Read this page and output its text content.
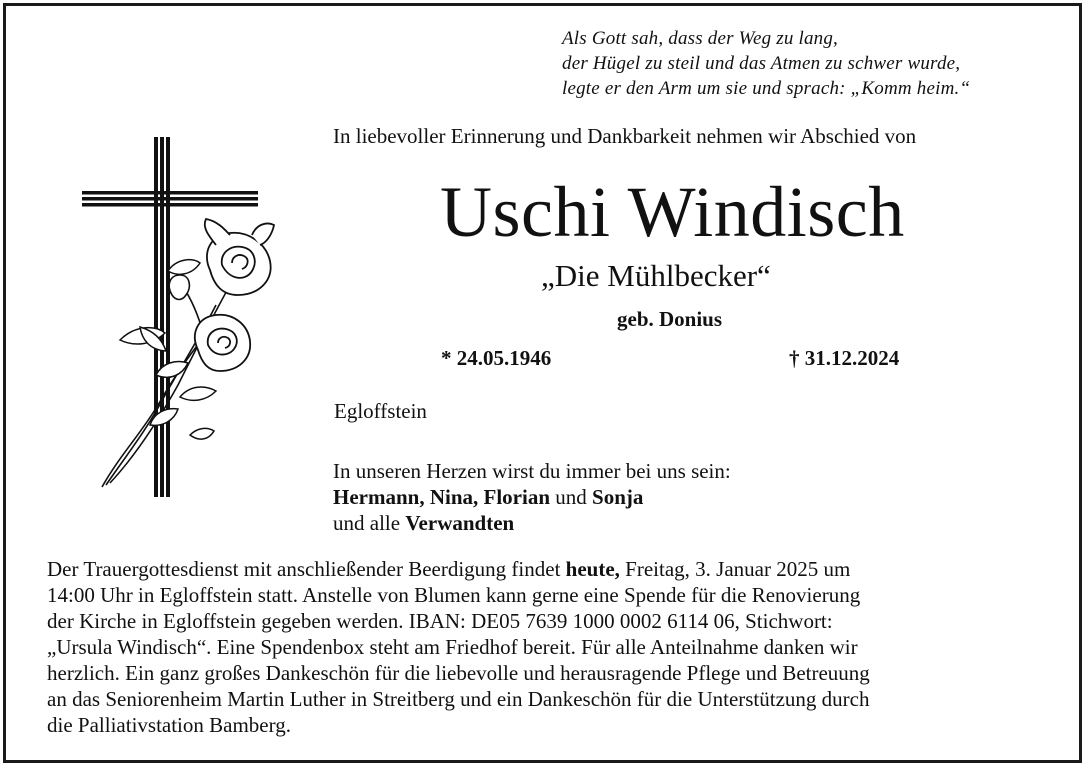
Als Gott sah, dass der Weg zu lang,
der Hügel zu steil und das Atmen zu schwer wurde,
legte er den Arm um sie und sprach: „Komm heim.“
In liebevoller Erinnerung und Dankbarkeit nehmen wir Abschied von
Uschi Windisch
„Die Mühlbecker“
geb. Donius
* 24.05.1946	† 31.12.2024
Egloffstein
In unseren Herzen wirst du immer bei uns sein:
Hermann, Nina, Florian und Sonja
und alle Verwandten
Der Trauergottesdienst mit anschließender Beerdigung findet heute, Freitag, 3. Januar 2025 um
14:00 Uhr in Egloffstein statt. Anstelle von Blumen kann gerne eine Spende für die Renovierung
der Kirche in Egloffstein gegeben werden. IBAN: DE05 7639 1000 0002 6114 06, Stichwort:
„Ursula Windisch“. Eine Spendenbox steht am Friedhof bereit. Für alle Anteilnahme danken wir
herzlich. Ein ganz großes Dankeschön für die liebevolle und herausragende Pflege und Betreuung
an das Seniorenheim Martin Luther in Streitberg und ein Dankeschön für die Unterstützung durch
die Palliativstation Bamberg.
